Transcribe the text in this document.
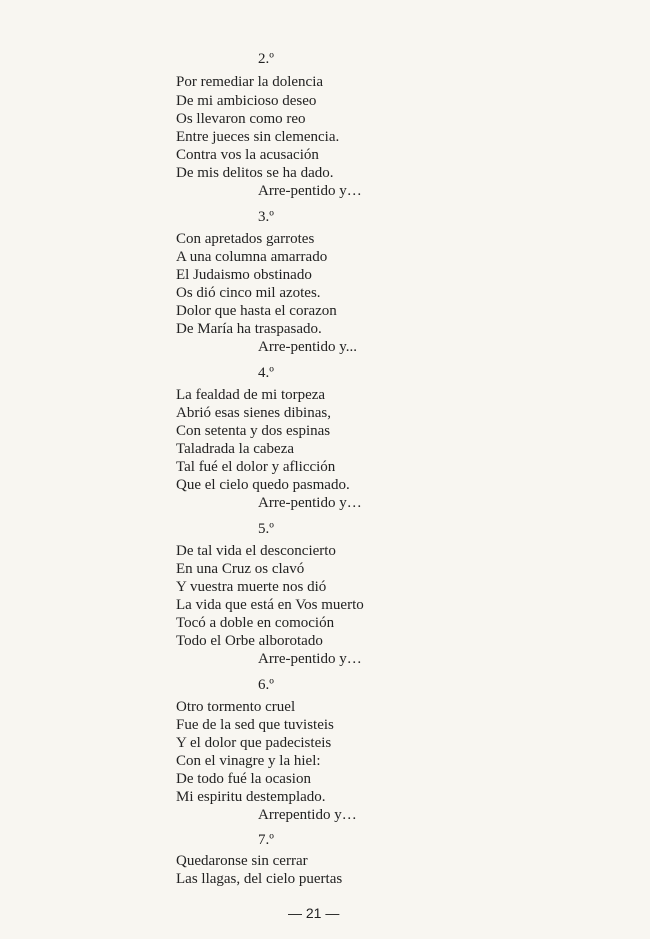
2.º
Por remediar la dolencia
De mi ambicioso deseo
Os llevaron como reo
Entre jueces sin clemencia.
Contra vos la acusación
De mis delitos se ha dado.
Arre-pentido y…
3.º
Con apretados garrotes
A una columna amarrado
El Judaismo obstinado
Os dió cinco mil azotes.
Dolor que hasta el corazon
De María ha traspasado.
Arre-pentido y...
4.º
La fealdad de mi torpeza
Abrió esas sienes dibinas,
Con setenta y dos espinas
Taladrada la cabeza
Tal fué el dolor y aflicción
Que el cielo quedo pasmado.
Arre-pentido y…
5.º
De tal vida el desconcierto
En una Cruz os clavó
Y vuestra muerte nos dió
La vida que está en Vos muerto
Tocó a doble en comoción
Todo el Orbe alborotado
Arre-pentido y…
6.º
Otro tormento cruel
Fue de la sed que tuvisteis
Y el dolor que padecisteis
Con el vinagre y la hiel:
De todo fué la ocasion
Mi espiritu destemplado.
Arrepentido y…
7.º
Quedaronse sin cerrar
Las llagas, del cielo puertas
— 21 —
